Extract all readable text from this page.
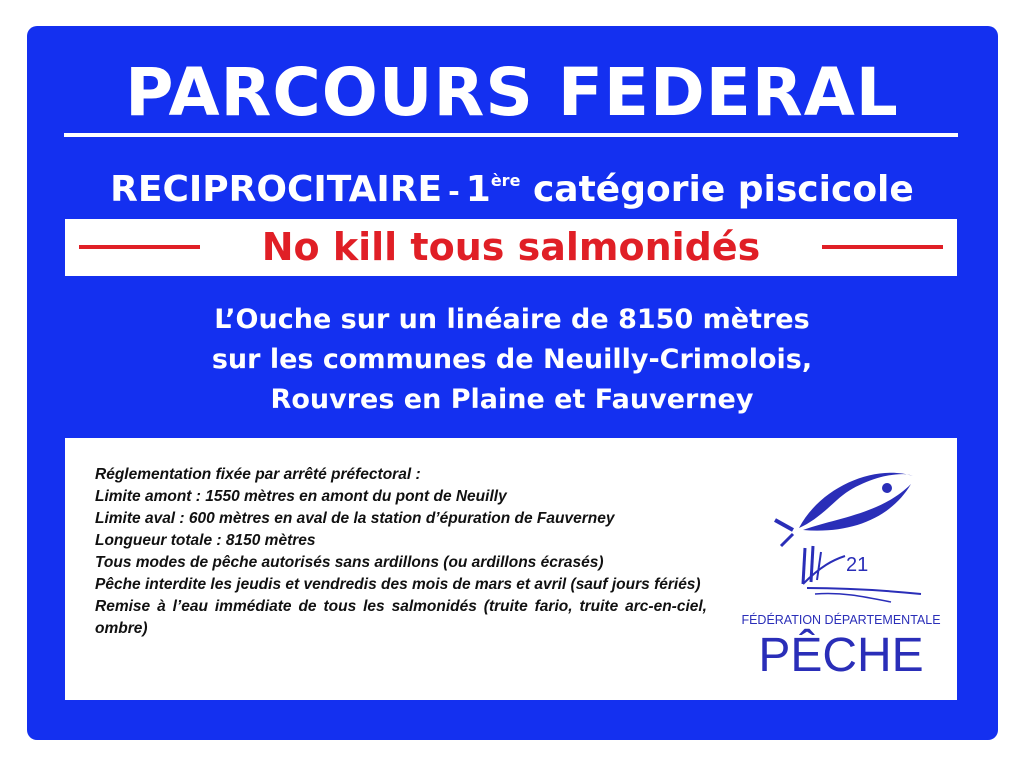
PARCOURS FEDERAL
RECIPROCITAIRE - 1ère catégorie piscicole
No kill tous salmonidés
L’Ouche sur un linéaire de 8150 mètres
sur les communes de Neuilly-Crimolois,
Rouvres en Plaine et Fauverney

Réglementation fixée par arrêté préfectoral :

Limite amont : 1550 mètres en amont du pont de Neuilly

Limite aval : 600 mètres en aval de la station d’épuration de Fauverney

Longueur totale : 8150 mètres

Tous modes de pêche autorisés sans ardillons (ou ardillons écrasés)

Pêche interdite les jeudis et vendredis des mois de mars et avril (sauf jours fériés)

Remise à l’eau immédiate de tous les salmonidés (truite fario, truite arc-en-ciel, ombre)

21
FÉDÉRATION DÉPARTEMENTALE
PÊCHE
